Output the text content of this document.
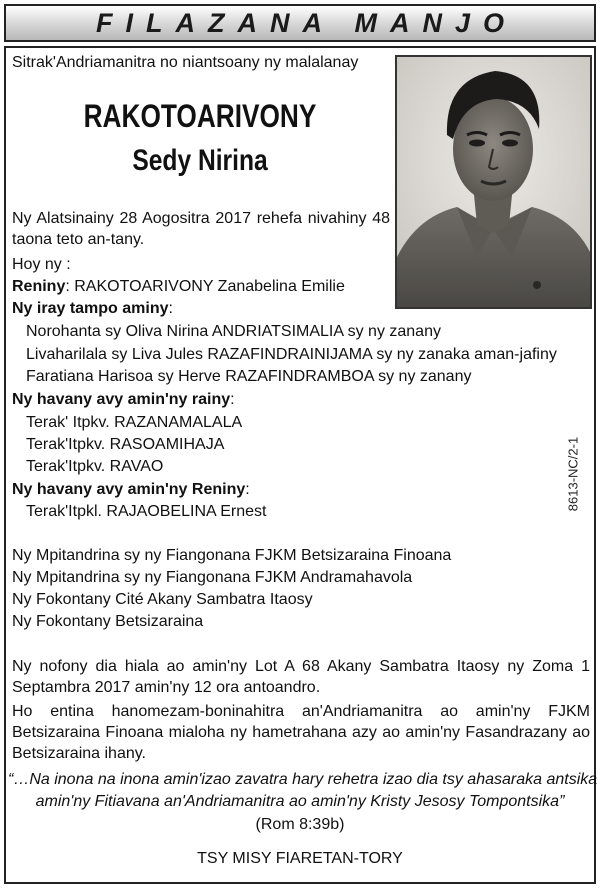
FILAZANA MANJO
Sitrak'Andriamanitra no niantsoany ny malalanay
RAKOTOARIVONY
Sedy Nirina
Ny Alatsinainy 28 Aogositra 2017 rehefa nivahiny 48 taona teto an-tany.
Hoy ny :
Reniny: RAKOTOARIVONY Zanabelina Emilie
Ny iray tampo aminy:
Norohanta sy Oliva Nirina ANDRIATSIMALIA sy ny zanany
Livaharilala sy Liva Jules RAZAFINDRAINIJAMA sy ny zanaka aman-jafiny
Faratiana Harisoa sy Herve RAZAFINDRAMBOA sy ny zanany
Ny havany avy amin'ny rainy:
Terak' Itpkv. RAZANAMALALA
Terak'Itpkv. RASOAMIHAJA
Terak'Itpkv. RAVAO
Ny havany avy amin'ny Reniny:
Terak'Itpkl. RAJAOBELINA Ernest
8613-NC/2-1
Ny Mpitandrina sy ny Fiangonana FJKM Betsizaraina Finoana
Ny Mpitandrina sy ny Fiangonana FJKM Andramahavola
Ny Fokontany Cité Akany Sambatra Itaosy
Ny Fokontany Betsizaraina
Ny nofony dia hiala ao amin'ny Lot A 68 Akany Sambatra Itaosy ny Zoma 1 Septambra 2017 amin'ny 12 ora antoandro.
Ho entina hanomezam-boninahitra an'Andriamanitra ao amin'ny FJKM Betsizaraina Finoana mialoha ny hametrahana azy ao amin'ny Fasandrazany ao Betsizaraina ihany.
“…Na inona na inona amin'izao zavatra hary rehetra izao dia tsy ahasaraka antsika
amin'ny Fitiavana an'Andriamanitra ao amin'ny Kristy Jesosy Tompontsika”
(Rom 8:39b)
TSY MISY FIARETAN-TORY
